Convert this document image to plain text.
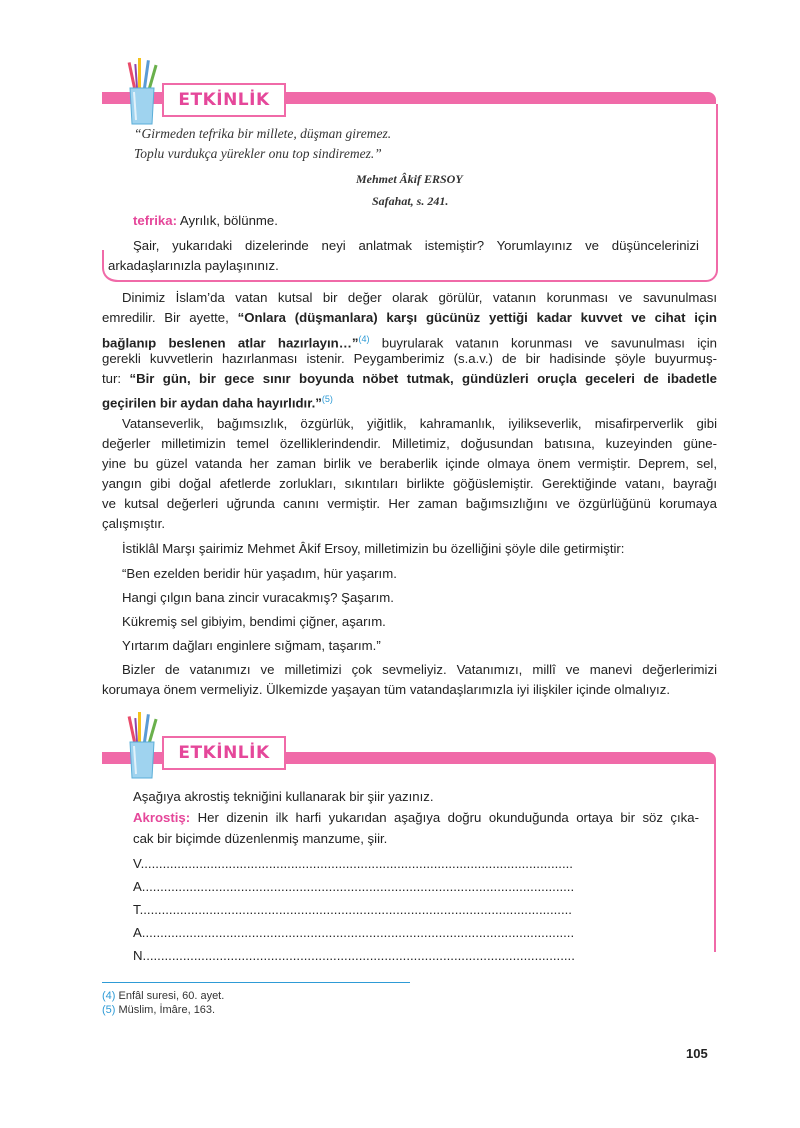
ETKİNLİK
“Girmeden tefrika bir millete, düşman giremez.
Toplu vurdukça yürekler onu top sindiremez.”
Mehmet Âkif ERSOY
Safahat, s. 241.
tefrika: Ayrılık, bölünme.
Şair, yukarıdaki dizelerinde neyi anlatmak istemiştir? Yorumlayınız ve düşüncelerinizi
arkadaşlarınızla paylaşınınız.
Dinimiz İslam’da vatan kutsal bir değer olarak görülür, vatanın korunması ve savunulması
emredilir. Bir ayette, “Onlara (düşmanlara) karşı gücünüz yettiği kadar kuvvet ve cihat için
bağlanıp beslenen atlar hazırlayın…”$^{(4)}$ buyrularak vatanın korunması ve savunulması için
gerekli kuvvetlerin hazırlanması istenir. Peygamberimiz (s.a.v.) de bir hadisinde şöyle buyurmuş-
tur: “Bir gün, bir gece sınır boyunda nöbet tutmak, gündüzleri oruçla geceleri de ibadetle
geçirilen bir aydan daha hayırlıdır.”$^{(5)}$
Vatanseverlik, bağımsızlık, özgürlük, yiğitlik, kahramanlık, iyilikseverlik, misafirperverlik gibi
değerler milletimizin temel özelliklerindendir. Milletimiz, doğusundan batısına, kuzeyinden güne-
yine bu güzel vatanda her zaman birlik ve beraberlik içinde olmaya önem vermiştir. Deprem, sel,
yangın gibi doğal afetlerde zorlukları, sıkıntıları birlikte göğüslemiştir. Gerektiğinde vatanı, bayrağı
ve kutsal değerleri uğrunda canını vermiştir. Her zaman bağımsızlığını ve özgürlüğünü korumaya
çalışmıştır.
İstiklâl Marşı şairimiz Mehmet Âkif Ersoy, milletimizin bu özelliğini şöyle dile getirmiştir:
“Ben ezelden beridir hür yaşadım, hür yaşarım.
Hangi çılgın bana zincir vuracakmış? Şaşarım.
Kükremiş sel gibiyim, bendimi çiğner, aşarım.
Yırtarım dağları enginlere sığmam, taşarım.”
Bizler de vatanımızı ve milletimizi çok sevmeliyiz. Vatanımızı, millî ve manevi değerlerimizi
korumaya önem vermeliyiz. Ülkemizde yaşayan tüm vatandaşlarımızla iyi ilişkiler içinde olmalıyız.
ETKİNLİK
Aşağıya akrostiş tekniğini kullanarak bir şiir yazınız.
Akrostiş: Her dizenin ilk harfi yukarıdan aşağıya doğru okunduğunda ortaya bir söz çıka-
cak bir biçimde düzenlenmiş manzume, şiir.
V......................................................................................................................
A......................................................................................................................
T......................................................................................................................
A......................................................................................................................
N......................................................................................................................
(4) Enfâl suresi, 60. ayet.
(5) Müslim, İmâre, 163.
105
